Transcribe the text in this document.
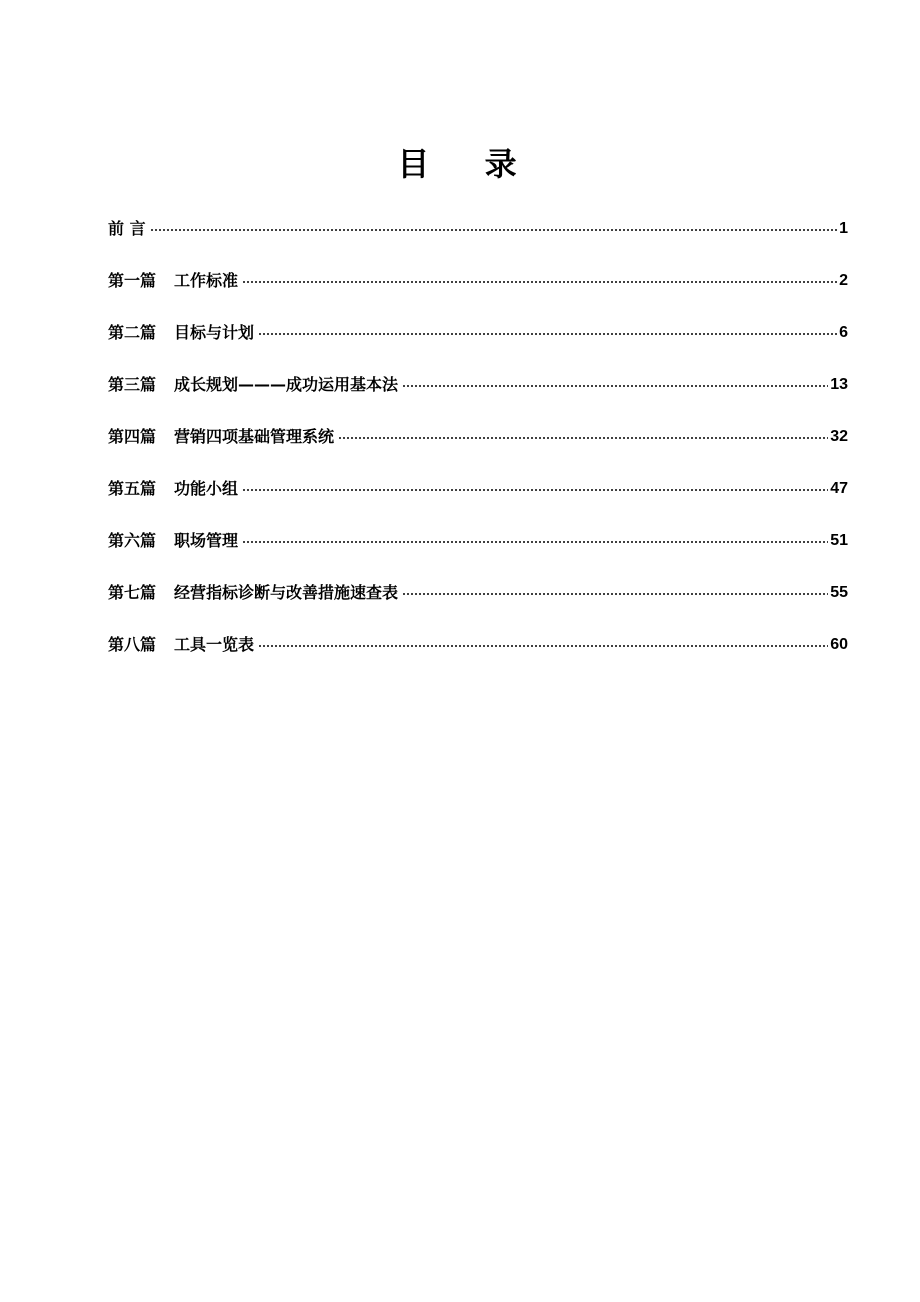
目 录
前 言	1
第一篇 工作标准	2
第二篇 目标与计划	6
第三篇 成长规划———成功运用基本法	13
第四篇 营销四项基础管理系统	32
第五篇 功能小组	47
第六篇 职场管理	51
第七篇 经营指标诊断与改善措施速查表	55
第八篇 工具一览表	60
